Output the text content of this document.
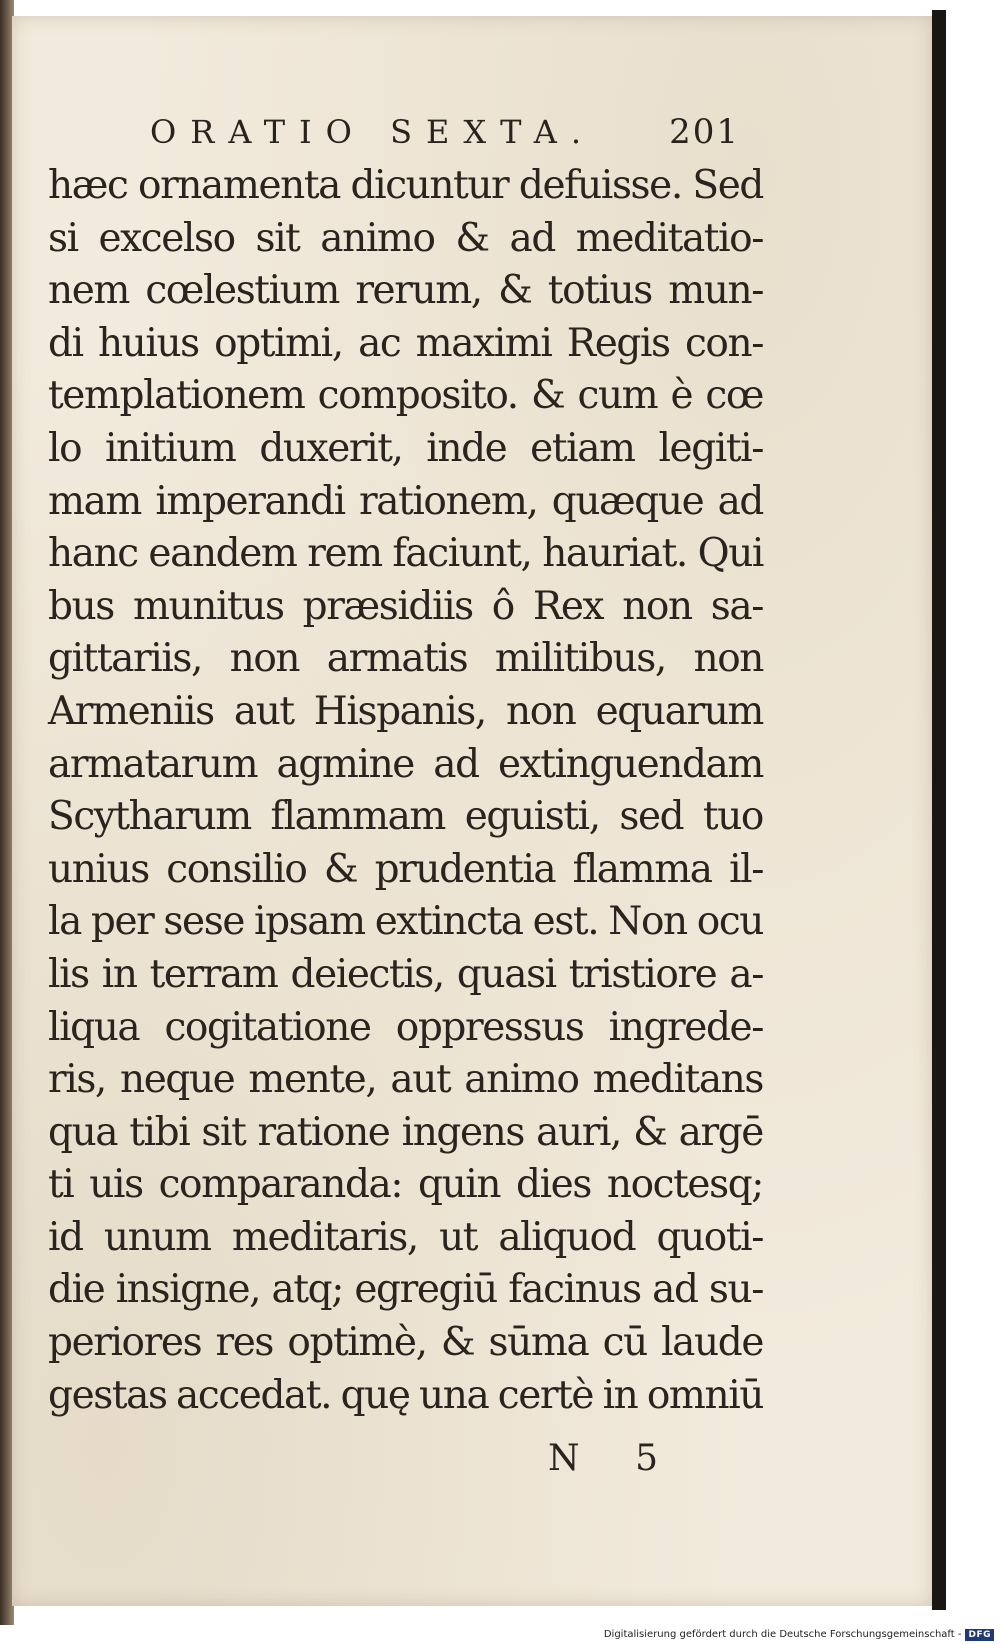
ORATIO SEXTA. 201
hæc ornamenta dicuntur defuisse. Sed
si excelso sit animo & ad meditatio-
nem cœlestium rerum, & totius mun-
di huius optimi, ac maximi Regis con-
templationem composito. & cum è cœ
lo initium duxerit, inde etiam legiti-
mam imperandi rationem, quæque ad
hanc eandem rem faciunt, hauriat. Qui
bus munitus præsidiis ô Rex non sa-
gittariis, non armatis militibus, non
Armeniis aut Hispanis, non equarum
armatarum agmine ad extinguendam
Scytharum flammam eguisti, sed tuo
unius consilio & prudentia flamma il-
la per sese ipsam extincta est. Non ocu
lis in terram deiectis, quasi tristiore a-
liqua cogitatione oppressus ingrede-
ris, neque mente, aut animo meditans
qua tibi sit ratione ingens auri, & argē
ti uis comparanda: quin dies noctesq;
id unum meditaris, ut aliquod quoti-
die insigne, atq; egregiū facinus ad su-
periores res optimè, & sūma cū laude
gestas accedat. quę una certè in omniū
N 5
Digitalisierung gefördert durch die Deutsche Forschungsgemeinschaft - DFG
